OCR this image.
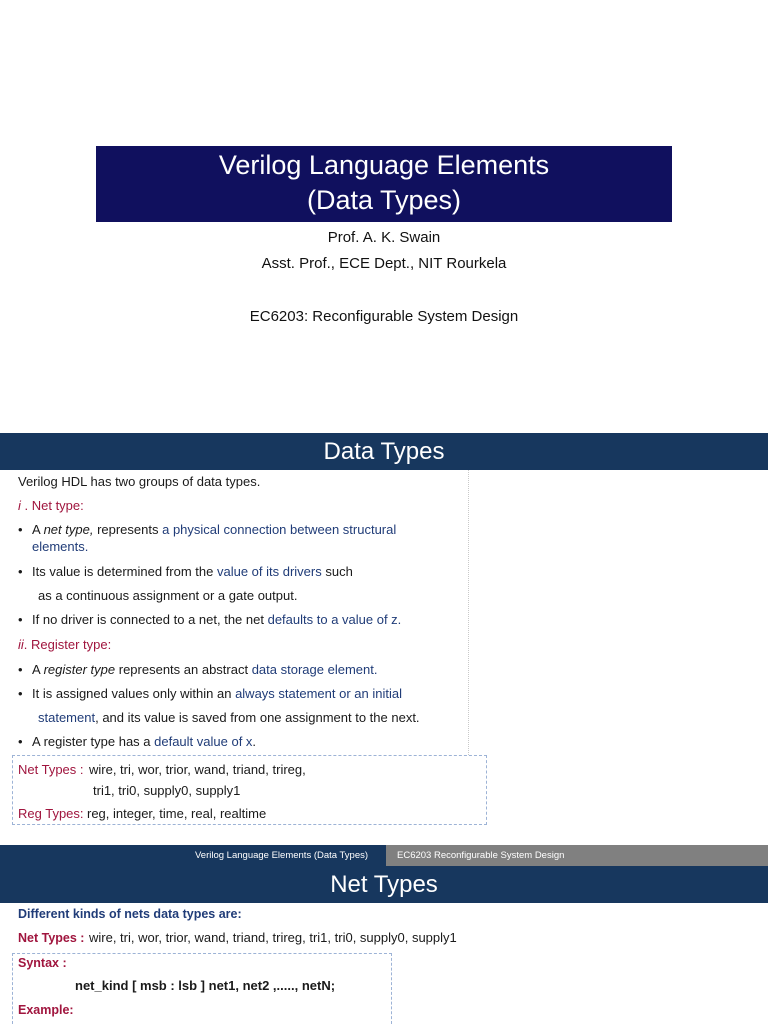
Verilog Language Elements
(Data Types)
Prof. A. K. Swain
Asst. Prof., ECE Dept., NIT Rourkela
EC6203: Reconfigurable System Design
Data Types
Verilog HDL has two groups of data types.
i . Net type:
• A net type, represents a physical connection between structural
elements.
• Its value is determined from the value of its drivers such
as a continuous assignment or a gate output.
• If no driver is connected to a net, the net defaults to a value of z.
ii. Register type:
• A register type represents an abstract data storage element.
• It is assigned values only within an always statement or an initial
statement, and its value is saved from one assignment to the next.
• A register type has a default value of x.
Net Types : wire, tri, wor, trior, wand, triand, trireg,
tri1, tri0, supply0, supply1
Reg Types: reg, integer, time, real, realtime
Verilog Language Elements (Data Types)	EC6203 Reconfigurable System Design
Net Types
Different kinds of nets data types are:
Net Types : wire, tri, wor, trior, wand, triand, trireg, tri1, tri0, supply0, supply1
Syntax :
net_kind [ msb : lsb ] net1, net2 ,....., netN;
Example:
